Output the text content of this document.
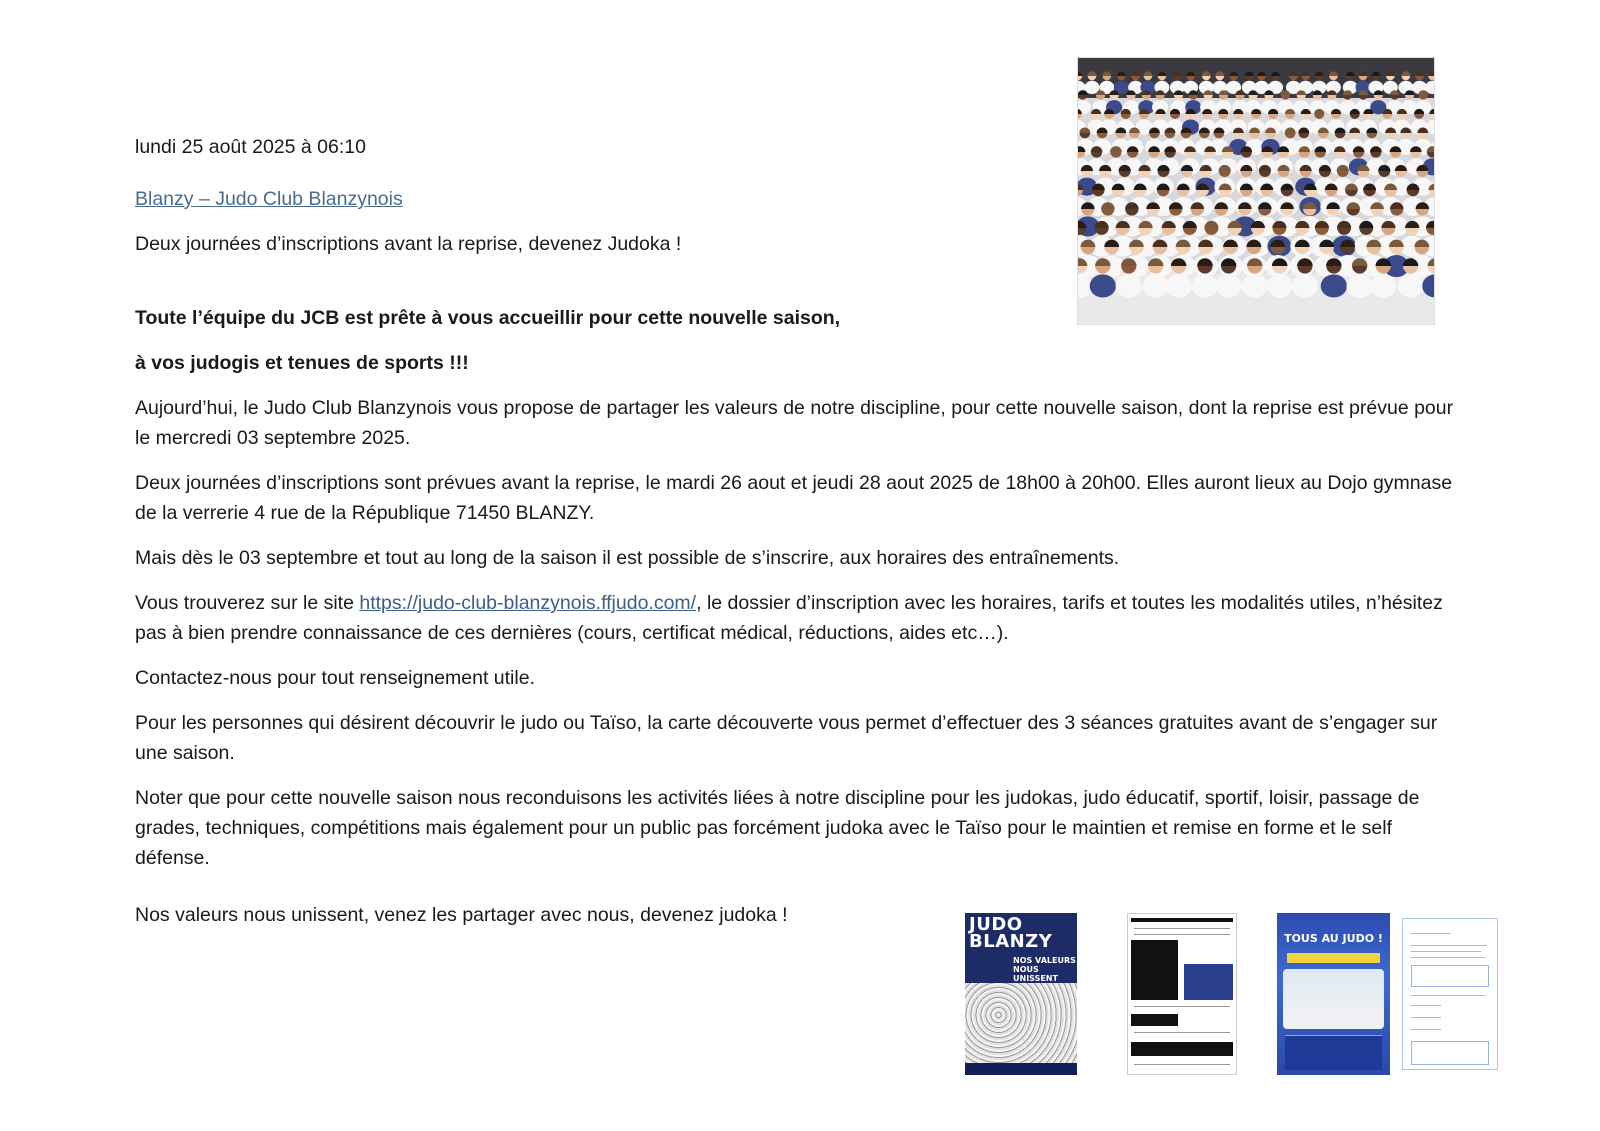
lundi 25 août 2025 à 06:10

Blanzy – Judo Club Blanzynois

Deux journées d’inscriptions avant la reprise, devenez Judoka !

Toute l’équipe du JCB est prête à vous accueillir pour cette nouvelle saison,

à vos judogis et tenues de sports !!!

Aujourd’hui, le Judo Club Blanzynois vous propose de partager les valeurs de notre discipline, pour cette nouvelle saison, dont la reprise est prévue pour le mercredi 03 septembre 2025.

Deux journées d’inscriptions sont prévues avant la reprise, le mardi 26 aout et jeudi 28 aout 2025 de 18h00 à 20h00. Elles auront lieux au Dojo gymnase de la verrerie 4 rue de la République 71450 BLANZY.

Mais dès le 03 septembre et tout au long de la saison il est possible de s’inscrire, aux horaires des entraînements.

Vous trouverez sur le site https://judo-club-blanzynois.ffjudo.com/, le dossier d’inscription avec les horaires, tarifs et toutes les modalités utiles, n’hésitez pas à bien prendre connaissance de ces dernières (cours, certificat médical, réductions, aides etc…).

Contactez-nous pour tout renseignement utile.

Pour les personnes qui désirent découvrir le judo ou Taïso, la carte découverte vous permet d’effectuer des 3 séances gratuites avant de s’engager sur une saison.

Noter que pour cette nouvelle saison nous reconduisons les activités liées à notre discipline pour les judokas, judo éducatif, sportif, loisir, passage de grades, techniques, compétitions mais également pour un public pas forcément judoka avec le Taïso pour le maintien et remise en forme et le self défense.

Nos valeurs nous unissent, venez les partager avec nous, devenez judoka !	JUDO BLANZY
NOS VALEURS NOUS UNISSENT
TOUS AU JUDO !
